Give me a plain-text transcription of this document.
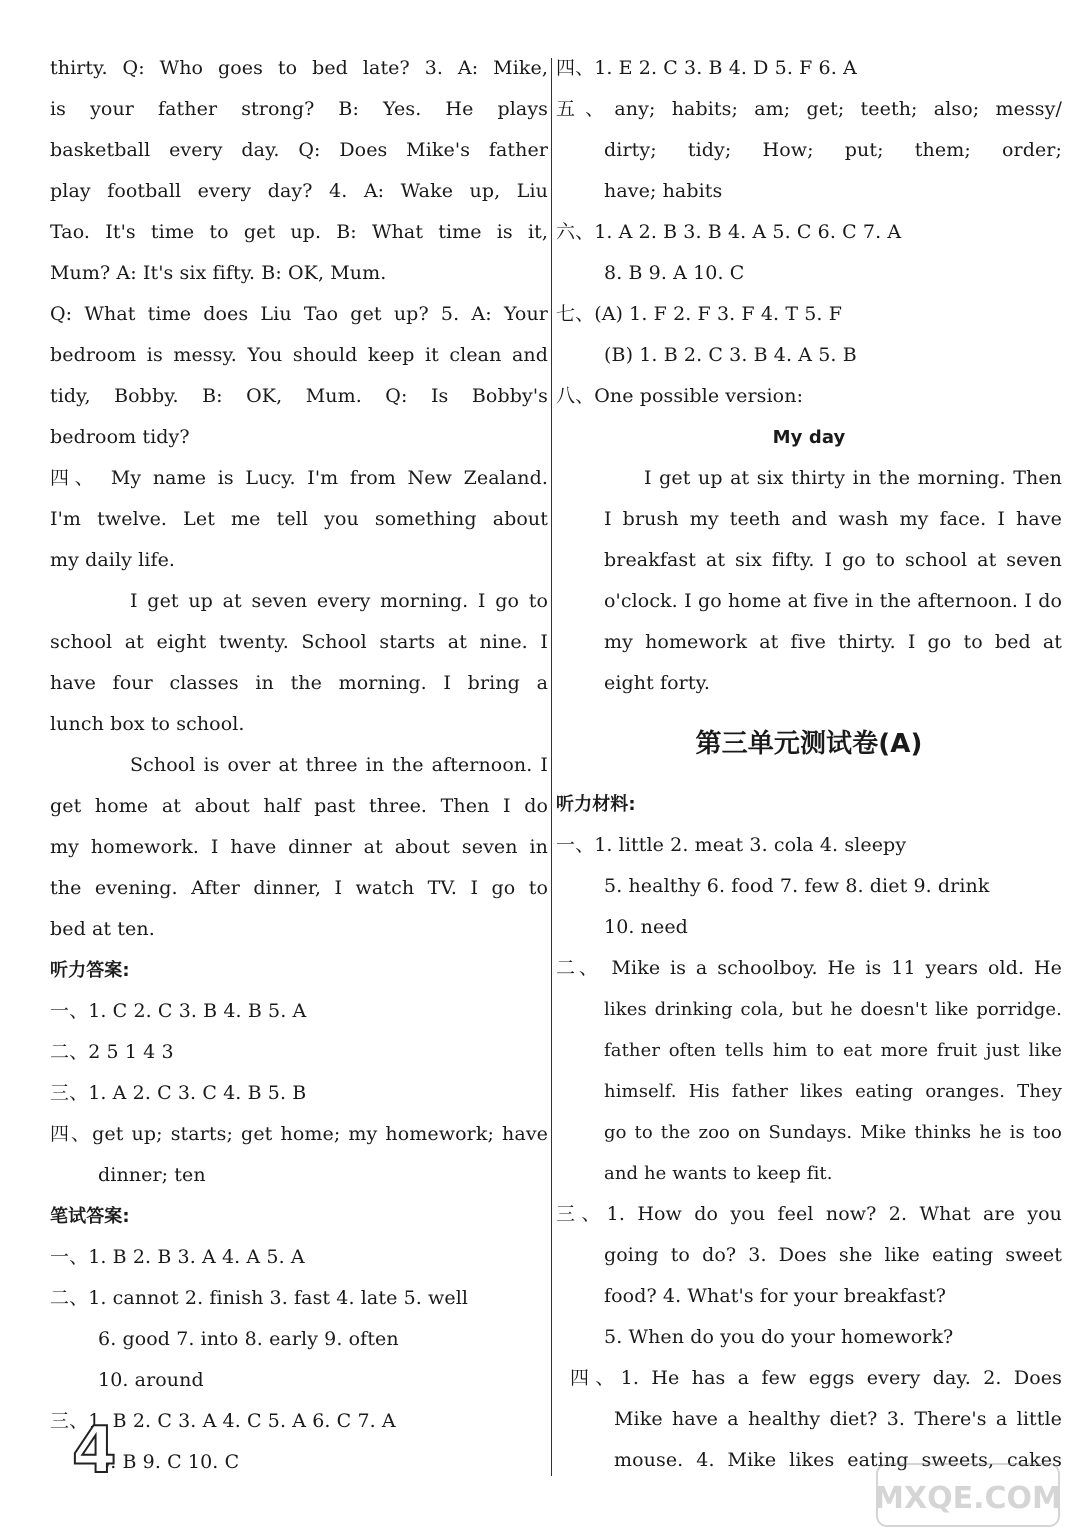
thirty. Q: Who goes to bed late? 3. A: Mike,
is your father strong? B: Yes. He plays
basketball every day. Q: Does Mike's father
play football every day? 4. A: Wake up, Liu
Tao. It's time to get up. B: What time is it,
Mum? A: It's six fifty. B: OK, Mum.
Q: What time does Liu Tao get up? 5. A: Your
bedroom is messy. You should keep it clean and
tidy, Bobby. B: OK, Mum. Q: Is Bobby's
bedroom tidy?
四、 My name is Lucy. I'm from New Zealand.
I'm twelve. Let me tell you something about
my daily life.
I get up at seven every morning. I go to
school at eight twenty. School starts at nine. I
have four classes in the morning. I bring a
lunch box to school.
School is over at three in the afternoon. I
get home at about half past three. Then I do
my homework. I have dinner at about seven in
the evening. After dinner, I watch TV. I go to
bed at ten.
听力答案:
一、1. C 2. C 3. B 4. B 5. A
二、2 5 1 4 3
三、1. A 2. C 3. C 4. B 5. B
四、get up; starts; get home; my homework; have
dinner; ten
笔试答案:
一、1. B 2. B 3. A 4. A 5. A
二、1. cannot 2. finish 3. fast 4. late 5. well
6. good 7. into 8. early 9. often
10. around
三、1. B 2. C 3. A 4. C 5. A 6. C 7. A
8. B 9. C 10. C
四、1. E 2. C 3. B 4. D 5. F 6. A
五、any; habits; am; get; teeth; also; messy/
dirty; tidy; How; put; them; order;
have; habits
六、1. A 2. B 3. B 4. A 5. C 6. C 7. A
8. B 9. A 10. C
七、(A) 1. F 2. F 3. F 4. T 5. F
(B) 1. B 2. C 3. B 4. A 5. B
八、One possible version:
My day
I get up at six thirty in the morning. Then
I brush my teeth and wash my face. I have
breakfast at six fifty. I go to school at seven
o'clock. I go home at five in the afternoon. I do
my homework at five thirty. I go to bed at
eight forty.
第三单元测试卷(A)
听力材料:
一、1. little 2. meat 3. cola 4. sleepy
5. healthy 6. food 7. few 8. diet 9. drink
10. need
二、 Mike is a schoolboy. He is 11 years old. He
likes drinking cola, but he doesn't like porridge.
father often tells him to eat more fruit just like
himself. His father likes eating oranges. They
go to the zoo on Sundays. Mike thinks he is too
and he wants to keep fit.
三、1. How do you feel now? 2. What are you
going to do? 3. Does she like eating sweet
food? 4. What's for your breakfast?
5. When do you do your homework?
四、1. He has a few eggs every day. 2. Does
Mike have a healthy diet? 3. There's a little
mouse. 4. Mike likes eating sweets, cakes
4
MXQE.COM
